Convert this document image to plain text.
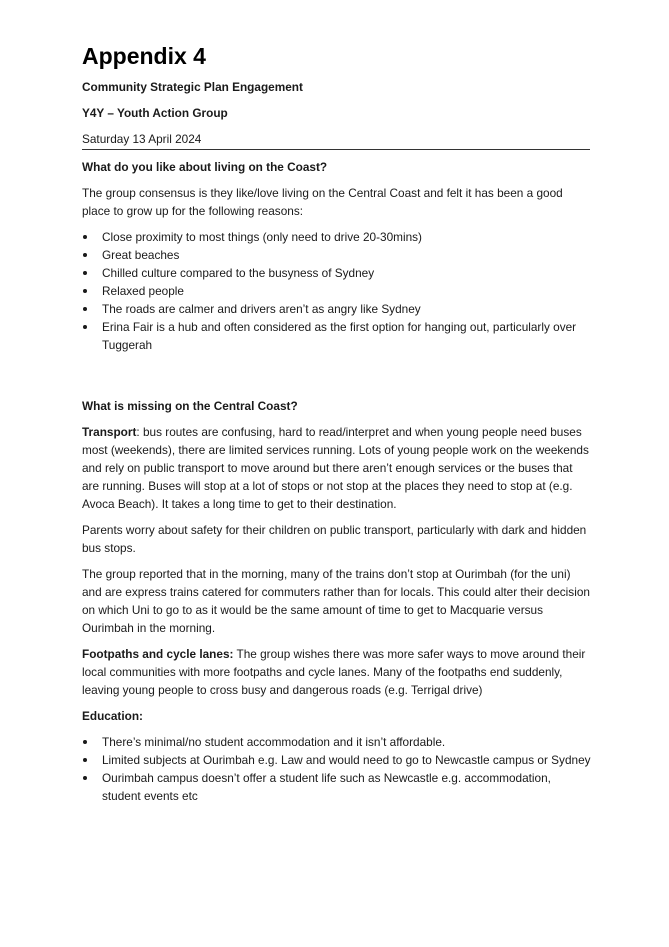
Appendix 4
Community Strategic Plan Engagement
Y4Y – Youth Action Group
Saturday 13 April 2024
What do you like about living on the Coast?

The group consensus is they like/love living on the Central Coast and felt it has been a good place to grow up for the following reasons:

Close proximity to most things (only need to drive 20-30mins)
Great beaches
Chilled culture compared to the busyness of Sydney
Relaxed people
The roads are calmer and drivers aren’t as angry like Sydney
Erina Fair is a hub and often considered as the first option for hanging out, particularly over Tuggerah
What is missing on the Central Coast?

Transport: bus routes are confusing, hard to read/interpret and when young people need buses most (weekends), there are limited services running. Lots of young people work on the weekends and rely on public transport to move around but there aren’t enough services or the buses that are running. Buses will stop at a lot of stops or not stop at the places they need to stop at (e.g. Avoca Beach). It takes a long time to get to their destination.

Parents worry about safety for their children on public transport, particularly with dark and hidden bus stops.

The group reported that in the morning, many of the trains don’t stop at Ourimbah (for the uni) and are express trains catered for commuters rather than for locals. This could alter their decision on which Uni to go to as it would be the same amount of time to get to Macquarie versus Ourimbah in the morning.

Footpaths and cycle lanes: The group wishes there was more safer ways to move around their local communities with more footpaths and cycle lanes. Many of the footpaths end suddenly, leaving young people to cross busy and dangerous roads (e.g. Terrigal drive)

Education:

There’s minimal/no student accommodation and it isn’t affordable.
Limited subjects at Ourimbah e.g. Law and would need to go to Newcastle campus or Sydney
Ourimbah campus doesn’t offer a student life such as Newcastle e.g. accommodation, student events etc
